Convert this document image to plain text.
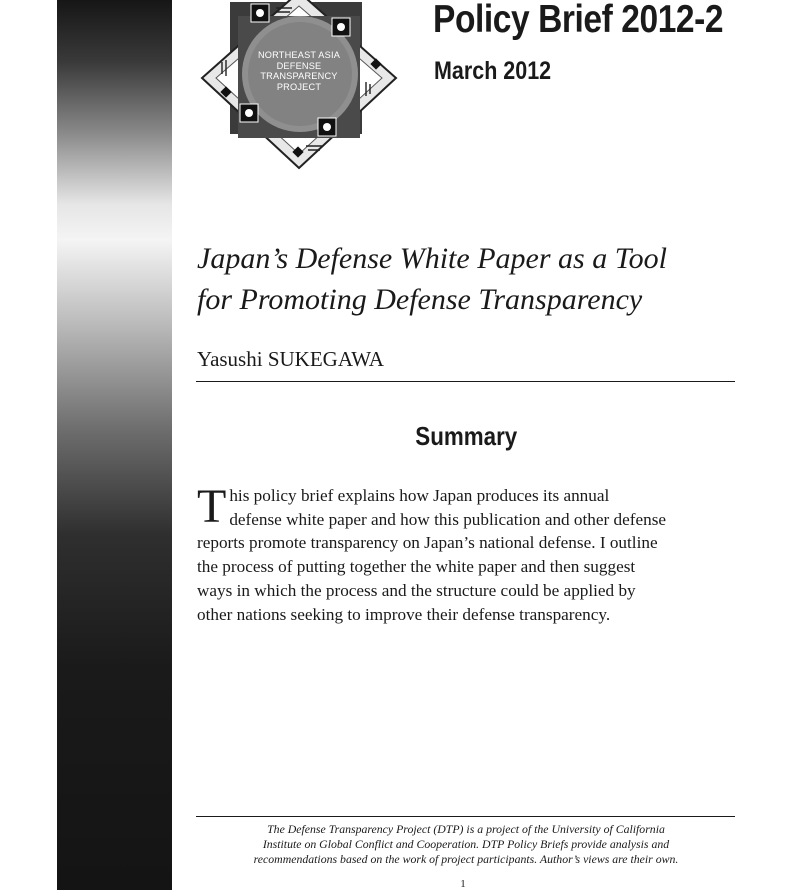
NORTHEAST ASIA
DEFENSE
TRANSPARENCY
PROJECT
Policy Brief 2012-2
March 2012
Japan’s Defense White Paper as a Tool
for Promoting Defense Transparency
Yasushi SUKEGAWA
Summary
T his policy brief explains how Japan produces its annual
defense white paper and how this publication and other defense
reports promote transparency on Japan’s national defense. I outline
the process of putting together the white paper and then suggest
ways in which the process and the structure could be applied by
other nations seeking to improve their defense transparency.
The Defense Transparency Project (DTP) is a project of the University of California
Institute on Global Conflict and Cooperation. DTP Policy Briefs provide analysis and
recommendations based on the work of project participants. Author’s views are their own.
1
